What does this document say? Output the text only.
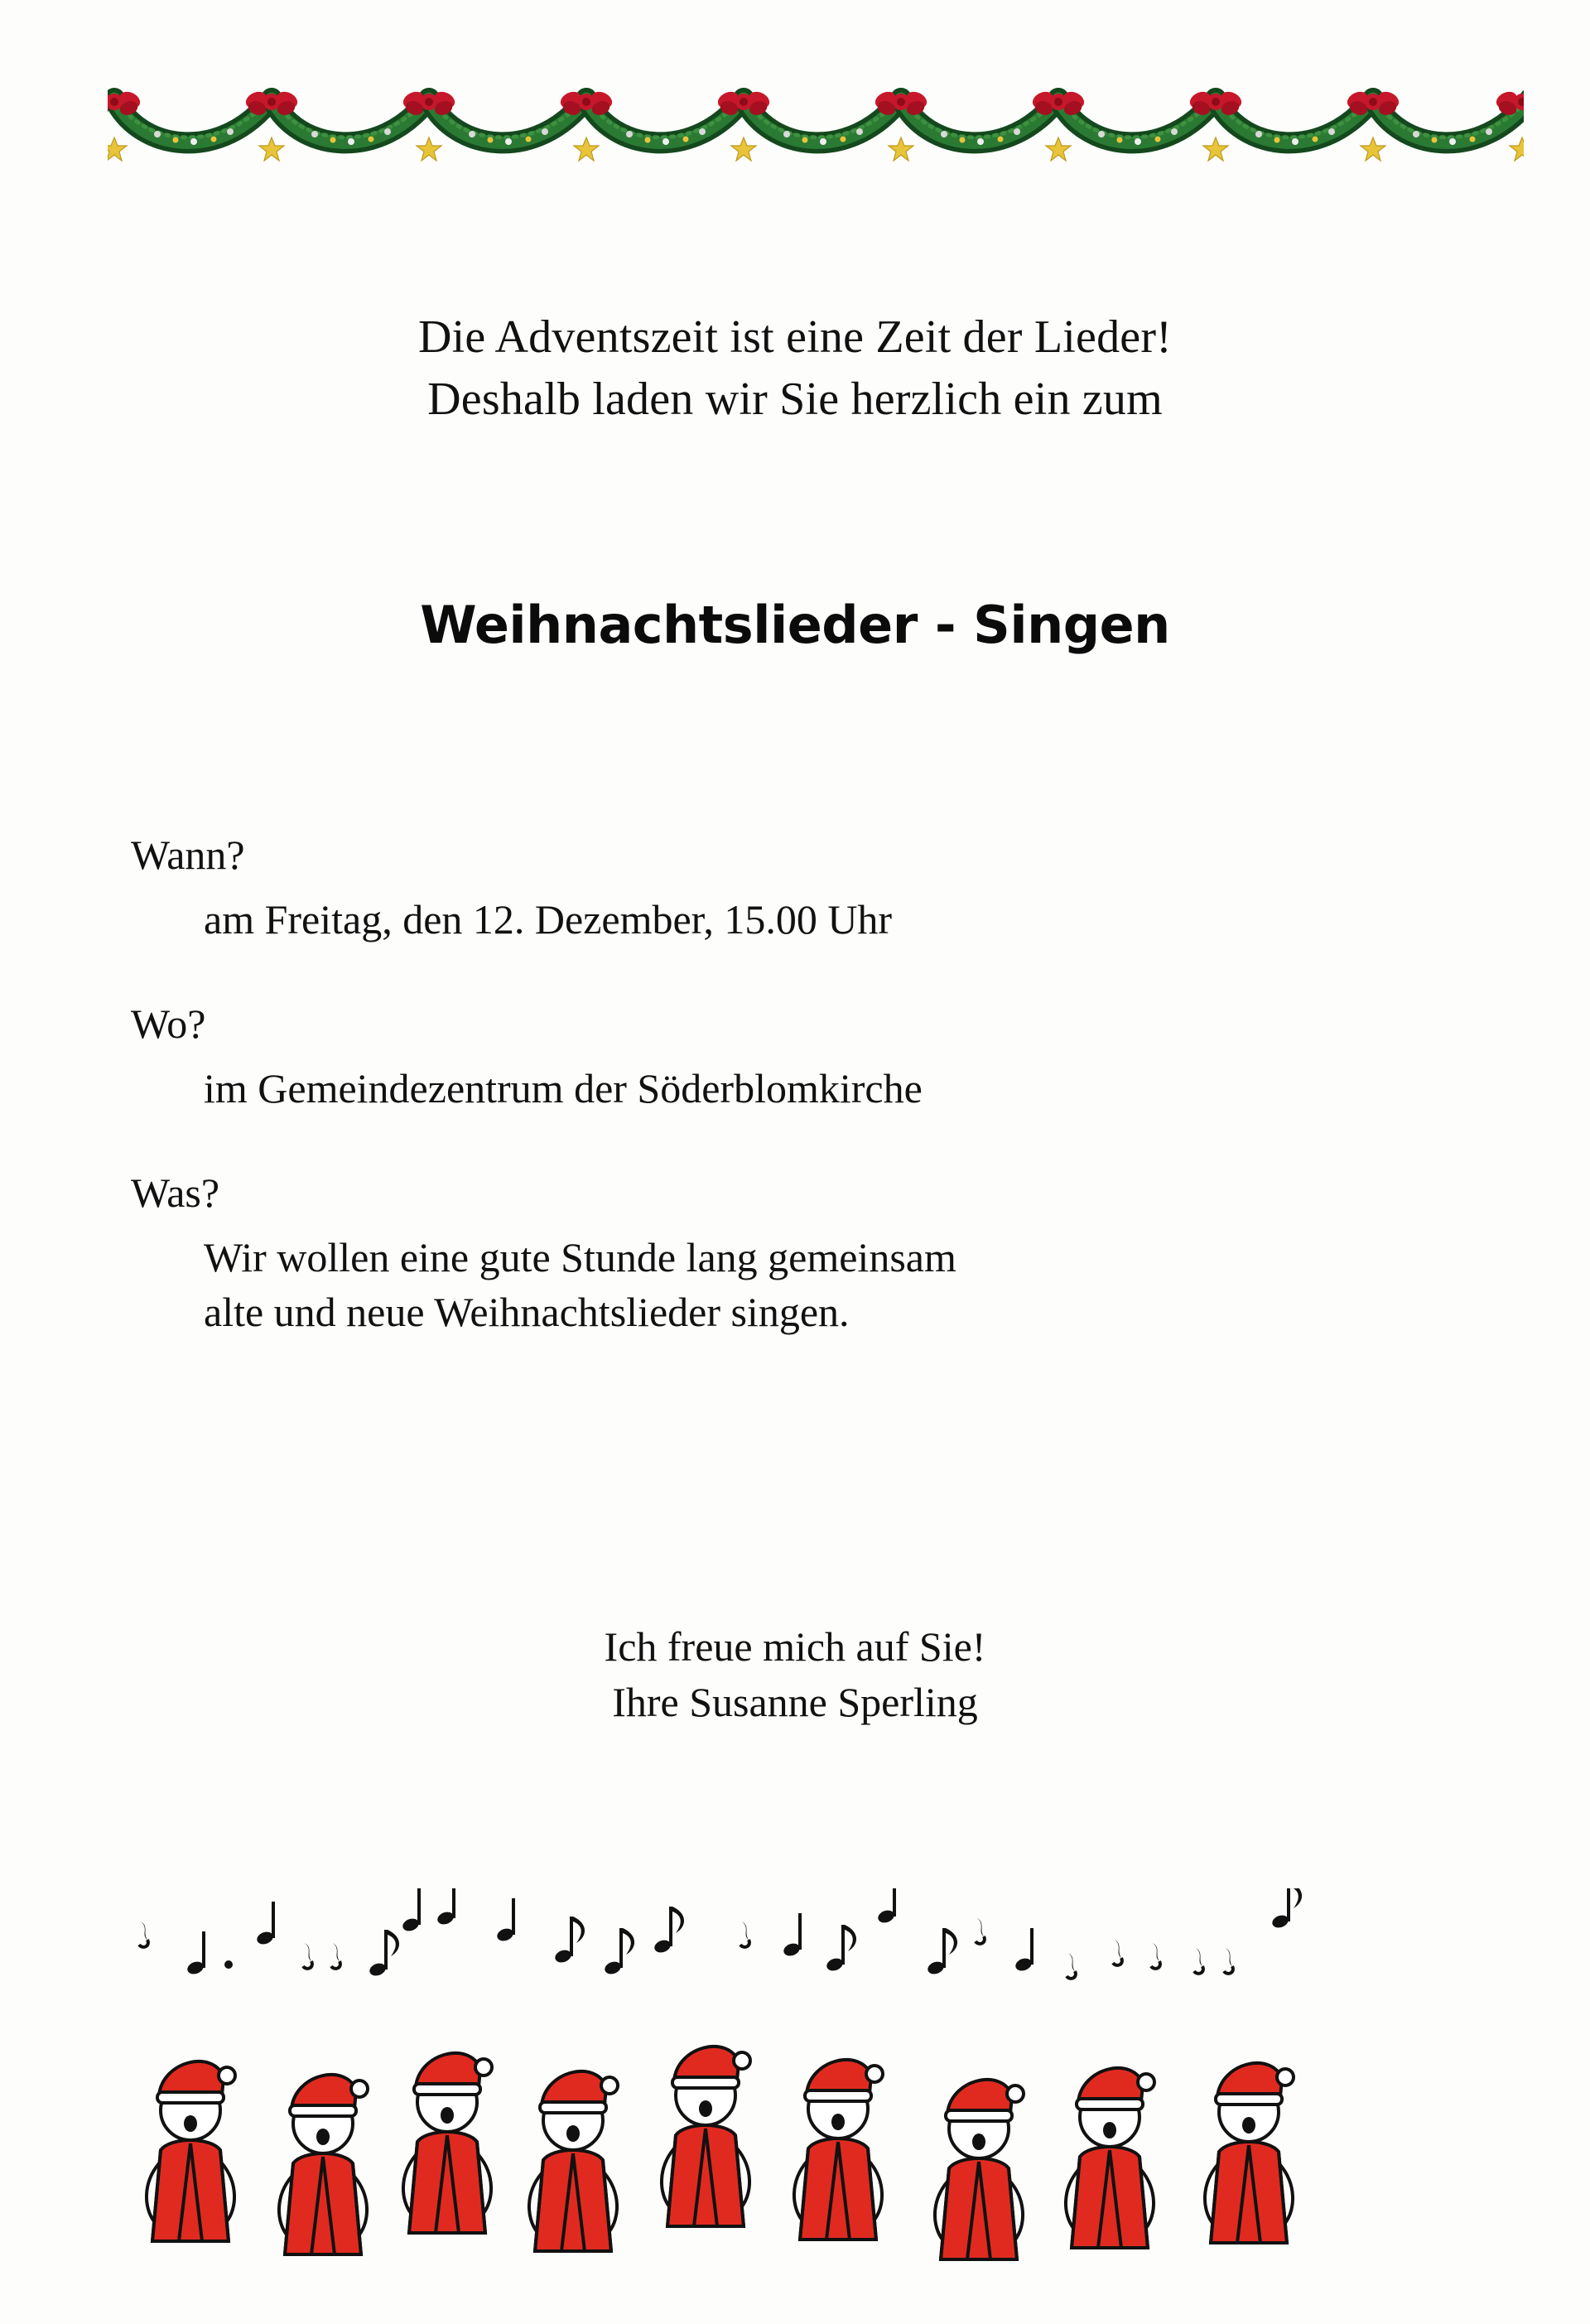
Die Adventszeit ist eine Zeit der Lieder!
Deshalb laden wir Sie herzlich ein zum
Weihnachtslieder - Singen
Wann?
am Freitag, den 12. Dezember, 15.00 Uhr
Wo?
im Gemeindezentrum der Söderblomkirche
Was?
Wir wollen eine gute Stunde lang gemeinsam
alte und neue Weihnachtslieder singen.
Ich freue mich auf Sie!
Ihre Susanne Sperling
